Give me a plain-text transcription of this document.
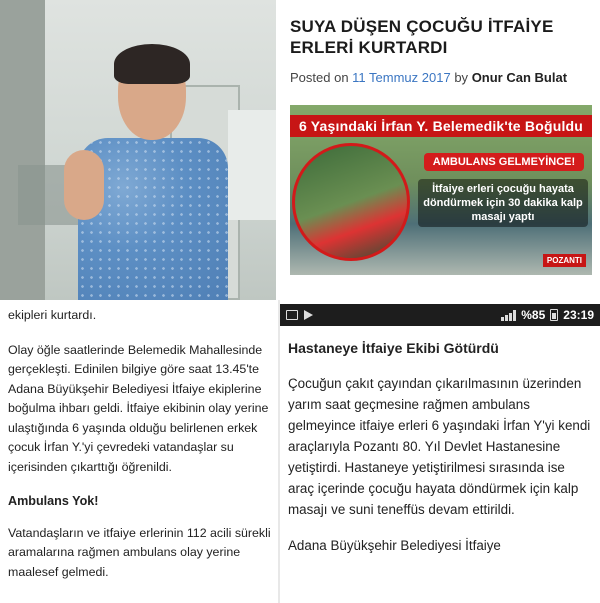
SUYA DÜŞEN ÇOCUĞU İTFAİYE ERLERİ KURTARDI
Posted on 11 Temmuz 2017 by Onur Can Bulat
6 Yaşındaki İrfan Y. Belemedik'te Boğuldu
AMBULANS GELMEYİNCE!
İtfaiye erleri çocuğu hayata döndürmek için 30 dakika kalp masajı yaptı
POZANTI
%85 23:19

ekipleri kurtardı.

Olay öğle saatlerinde Belemedik Mahallesinde gerçekleşti. Edinilen bilgiye göre saat 13.45'te Adana Büyükşehir Belediyesi İtfaiye ekiplerine boğulma ihbarı geldi. İtfaiye ekibinin olay yerine ulaştığında 6 yaşında olduğu belirlenen erkek çocuk İrfan Y.'yi çevredeki vatandaşlar su içerisinden çıkarttığı öğrenildi.

Ambulans Yok!

Vatandaşların ve itfaiye erlerinin 112 acili sürekli aramalarına rağmen ambulans olay yerine maalesef gelmedi.

Hastaneye İtfaiye Ekibi Götürdü

Çocuğun çakıt çayından çıkarılmasının üzerinden yarım saat geçmesine rağmen ambulans gelmeyince itfaiye erleri 6 yaşındaki İrfan Y'yi kendi araçlarıyla Pozantı 80. Yıl Devlet Hastanesine yetiştirdi. Hastaneye yetiştirilmesi sırasında ise araç içerinde çocuğu hayata döndürmek için kalp masajı ve suni teneffüs devam ettirildi.

Adana Büyükşehir Belediyesi İtfaiye
